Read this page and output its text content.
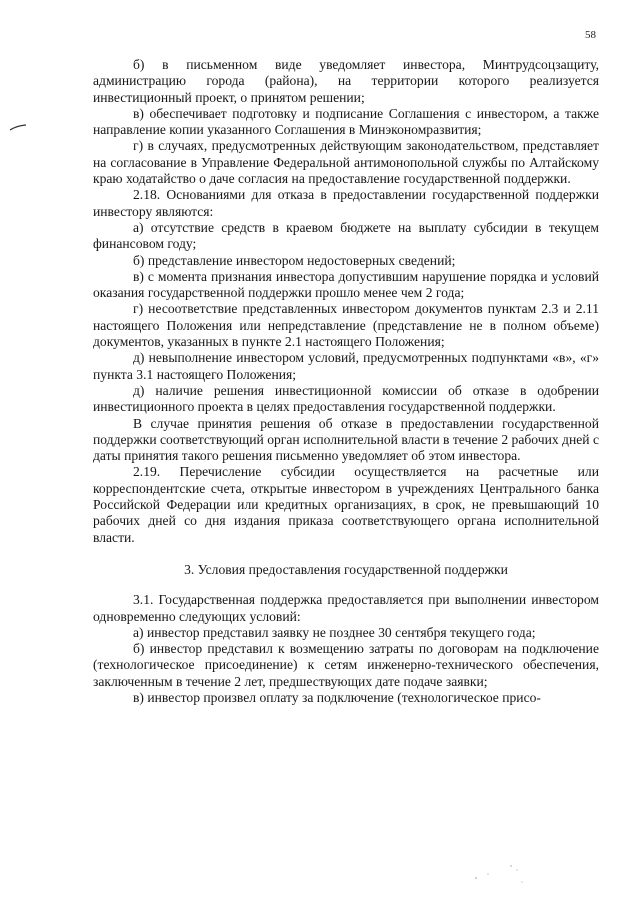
58

б) в письменном виде уведомляет инвестора, Минтрудсоцзащиту, администрацию города (района), на территории которого реализуется инвестиционный проект, о принятом решении;

в) обеспечивает подготовку и подписание Соглашения с инвестором, а также направление копии указанного Соглашения в Минэкономразвития;

г) в случаях, предусмотренных действующим законодательством, представляет на согласование в Управление Федеральной антимонопольной службы по Алтайскому краю ходатайство о даче согласия на предоставление государственной поддержки.

2.18. Основаниями для отказа в предоставлении государственной поддержки инвестору являются:

а) отсутствие средств в краевом бюджете на выплату субсидии в текущем финансовом году;

б) представление инвестором недостоверных сведений;

в) с момента признания инвестора допустившим нарушение порядка и условий оказания государственной поддержки прошло менее чем 2 года;

г) несоответствие представленных инвестором документов пунктам 2.3 и 2.11 настоящего Положения или непредставление (представление не в полном объеме) документов, указанных в пункте 2.1 настоящего Положения;

д) невыполнение инвестором условий, предусмотренных подпунктами «в», «г» пункта 3.1 настоящего Положения;

д) наличие решения инвестиционной комиссии об отказе в одобрении инвестиционного проекта в целях предоставления государственной поддержки.

В случае принятия решения об отказе в предоставлении государственной поддержки соответствующий орган исполнительной власти в течение 2 рабочих дней с даты принятия такого решения письменно уведомляет об этом инвестора.

2.19. Перечисление субсидии осуществляется на расчетные или корреспондентские счета, открытые инвестором в учреждениях Центрального банка Российской Федерации или кредитных организациях, в срок, не превышающий 10 рабочих дней со дня издания приказа соответствующего органа исполнительной власти.

3. Условия предоставления государственной поддержки

3.1. Государственная поддержка предоставляется при выполнении инвестором одновременно следующих условий:

а) инвестор представил заявку не позднее 30 сентября текущего года;

б) инвестор представил к возмещению затраты по договорам на подключение (технологическое присоединение) к сетям инженерно-технического обеспечения, заключенным в течение 2 лет, предшествующих дате подаче заявки;

в) инвестор произвел оплату за подключение (технологическое присо-
